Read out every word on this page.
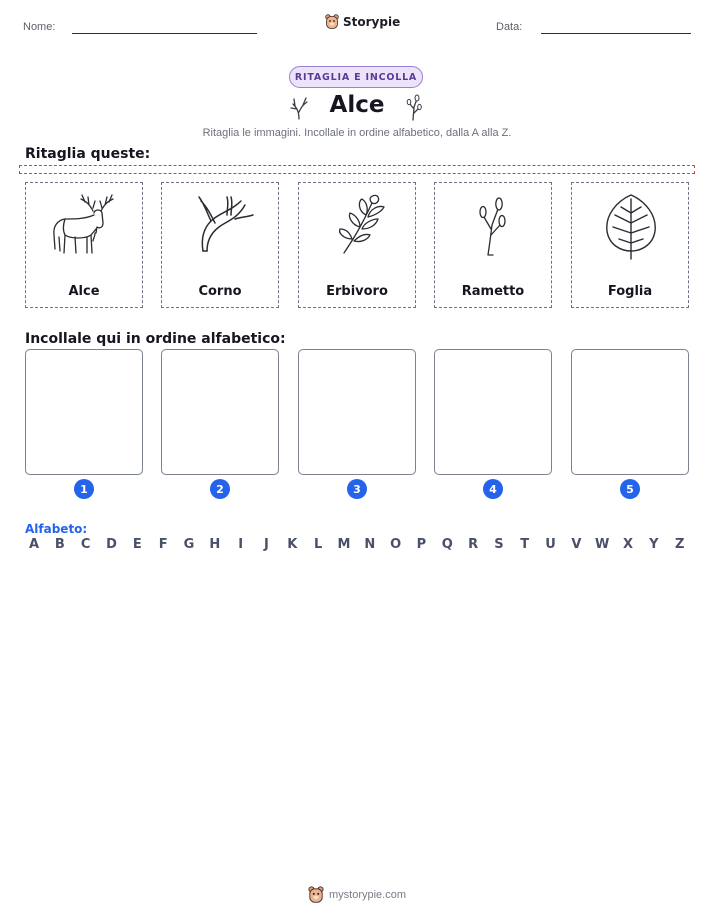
Nome:	Storypie	Data:
RITAGLIA E INCOLLA
Alce
Ritaglia le immagini. Incollale in ordine alfabetico, dalla A alla Z.
Ritaglia queste:
Alce	Corno	Erbivoro	Rametto	Foglia
Incollale qui in ordine alfabetico:
1	2	3	4	5
Alfabeto:
A	B	C	D	E	F	G H	I	J	K	L	M N O	P	Q	R	S	T	U	V	W	X	Y	Z
mystorypie.com
